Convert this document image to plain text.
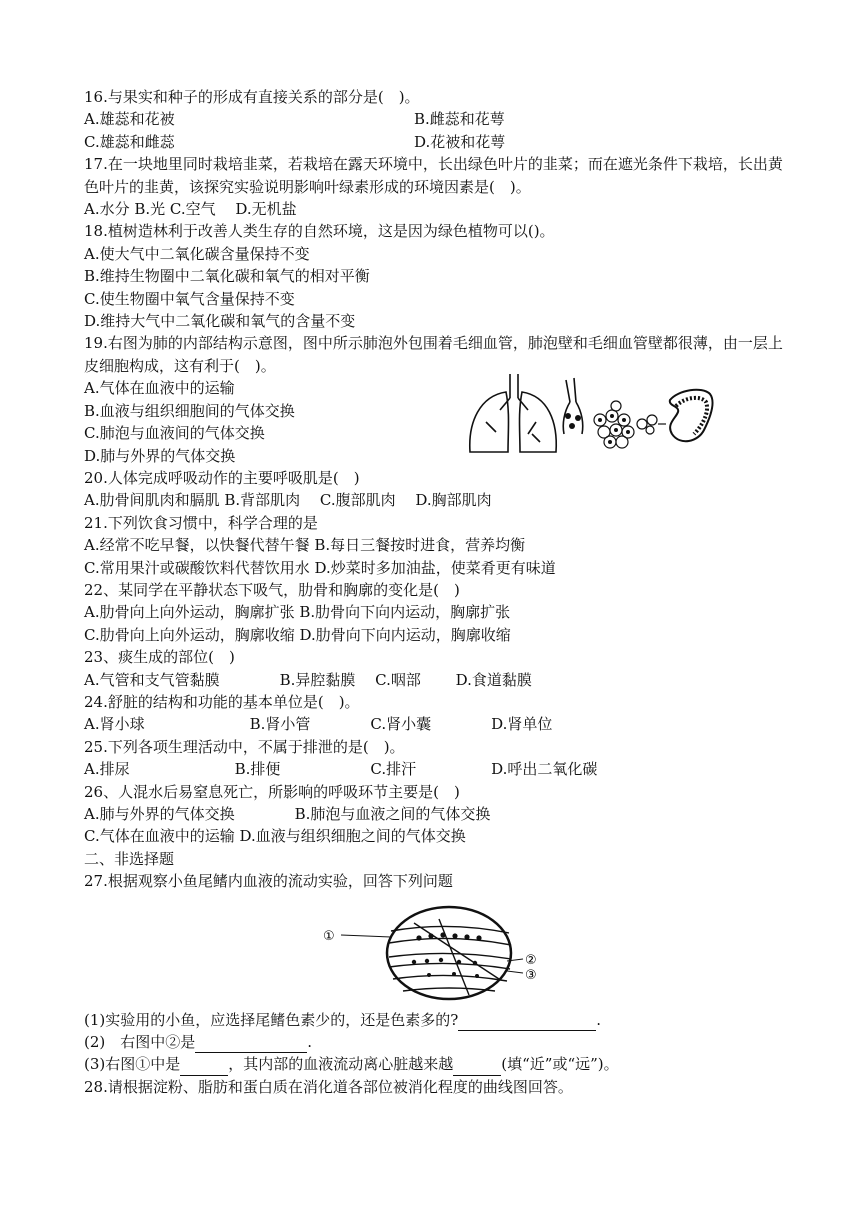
16.与果实和种子的形成有直接关系的部分是(　)。
A.雄蕊和花被	B.雌蕊和花萼
C.雄蕊和雌蕊	D.花被和花萼
17.在一块地里同时栽培韭菜，若栽培在露天环境中，长出绿色叶片的韭菜；而在遮光条件下栽培，长出黄色叶片的韭黄，该探究实验说明影响叶绿素形成的环境因素是(　)。
A.水分 B.光 C.空气　 D.无机盐
18.植树造林利于改善人类生存的自然环境，这是因为绿色植物可以()。
A.使大气中二氧化碳含量保持不变
B.维持生物圈中二氧化碳和氧气的相对平衡
C.使生物圈中氧气含量保持不变
D.维持大气中二氧化碳和氧气的含量不变
19.右图为肺的内部结构示意图，图中所示肺泡外包围着毛细血管，肺泡壁和毛细血管壁都很薄，由一层上皮细胞构成，这有利于(　)。
A.气体在血液中的运输
B.血液与组织细胞间的气体交换
C.肺泡与血液间的气体交换
D.肺与外界的气体交换
20.人体完成呼吸动作的主要呼吸肌是(　)
A.肋骨间肌肉和膈肌 B.背部肌肉　 C.腹部肌肉　 D.胸部肌肉
21.下列饮食习惯中，科学合理的是
A.经常不吃早餐，以快餐代替午餐 B.每日三餐按时进食，营养均衡
C.常用果汁或碳酸饮料代替饮用水 D.炒菜时多加油盐，使菜肴更有味道
22、某同学在平静状态下吸气，肋骨和胸廓的变化是(　)
A.肋骨向上向外运动，胸廓扩张 B.肋骨向下向内运动，胸廓扩张
C.肋骨向上向外运动，胸廓收缩 D.肋骨向下向内运动，胸廓收缩
23、痰生成的部位(　)
A.气管和支气管黏膜　　　　B.异腔黏膜　 C.咽部　　 D.食道黏膜
24.舒脏的结构和功能的基本单位是(　)。
A.肾小球　　　　　　　B.肾小管　　　　C.肾小囊　　　　D.肾单位
25.下列各项生理活动中，不属于排泄的是(　)。
A.排尿　　　　　　　B.排便　　　　　　C.排汗　　　　　D.呼出二氧化碳
26、人混水后易窒息死亡，所影响的呼吸环节主要是(　)
A.肺与外界的气体交换　　　　B.肺泡与血液之间的气体交换
C.气体在血液中的运输 D.血液与组织细胞之间的气体交换
二、非选择题
27.根据观察小鱼尾鳍内血液的流动实验，回答下列问题
①
②
③
(1)实验用的小鱼，应选择尾鳍色素少的，还是色素多的?	.
(2)　右图中②是	.
(3)右图①中是	，其内部的血液流动离心脏越来越	(填“近”或“远”)。
28.请根据淀粉、脂肪和蛋白质在消化道各部位被消化程度的曲线图回答。
